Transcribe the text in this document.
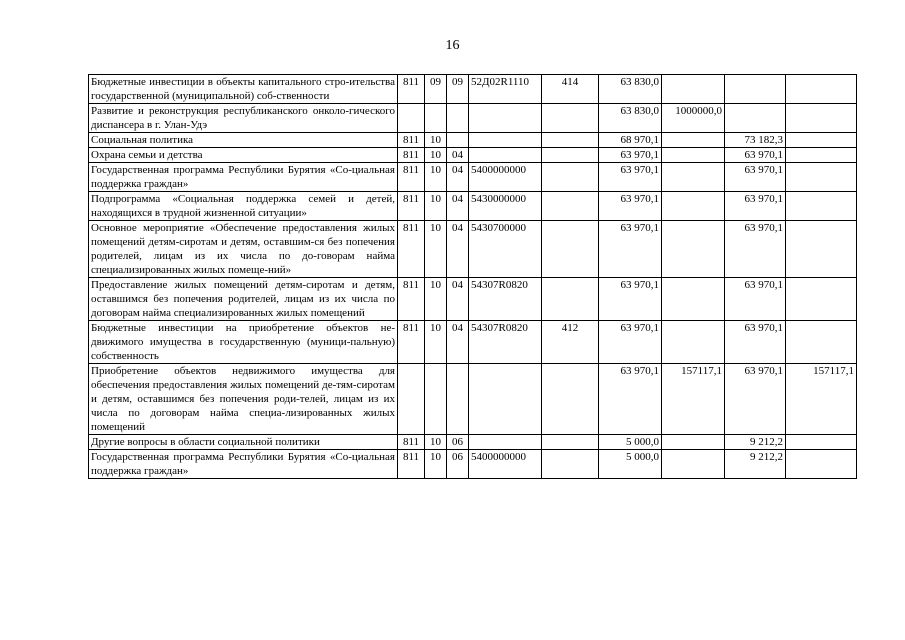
16
Бюджетные инвестиции в объекты капитального стро-ительства государственной (муниципальной) соб-ственности	811	09	09	52Д02R1110	414	63 830,0			
Развитие и реконструкция республиканского онколо-гического диспансера в г. Улан-Удэ						63 830,0	1000000,0		
Социальная политика	811	10				68 970,1		73 182,3	
Охрана семьи и детства	811	10	04			63 970,1		63 970,1	
Государственная программа Республики Бурятия «Со-циальная поддержка граждан»	811	10	04	5400000000		63 970,1		63 970,1	
Подпрограмма «Социальная поддержка семей и детей, находящихся в трудной жизненной ситуации»	811	10	04	5430000000		63 970,1		63 970,1	
Основное мероприятие «Обеспечение предоставления жилых помещений детям-сиротам и детям, оставшим-ся без попечения родителей, лицам из их числа по до-говорам найма специализированных жилых помеще-ний»	811	10	04	5430700000		63 970,1		63 970,1	
Предоставление жилых помещений детям-сиротам и детям, оставшимся без попечения родителей, лицам из их числа по договорам найма специализированных жилых помещений	811	10	04	54307R0820		63 970,1		63 970,1	
Бюджетные инвестиции на приобретение объектов не-движимого имущества в государственную (муници-пальную) собственность	811	10	04	54307R0820	412	63 970,1		63 970,1	
Приобретение объектов недвижимого имущества для обеспечения предоставления жилых помещений де-тям-сиротам и детям, оставшимся без попечения роди-телей, лицам из их числа по договорам найма специа-лизированных жилых помещений						63 970,1	157117,1	63 970,1	157117,1
Другие вопросы в области социальной политики	811	10	06			5 000,0		9 212,2	
Государственная программа Республики Бурятия «Со-циальная поддержка граждан»	811	10	06	5400000000		5 000,0		9 212,2	
